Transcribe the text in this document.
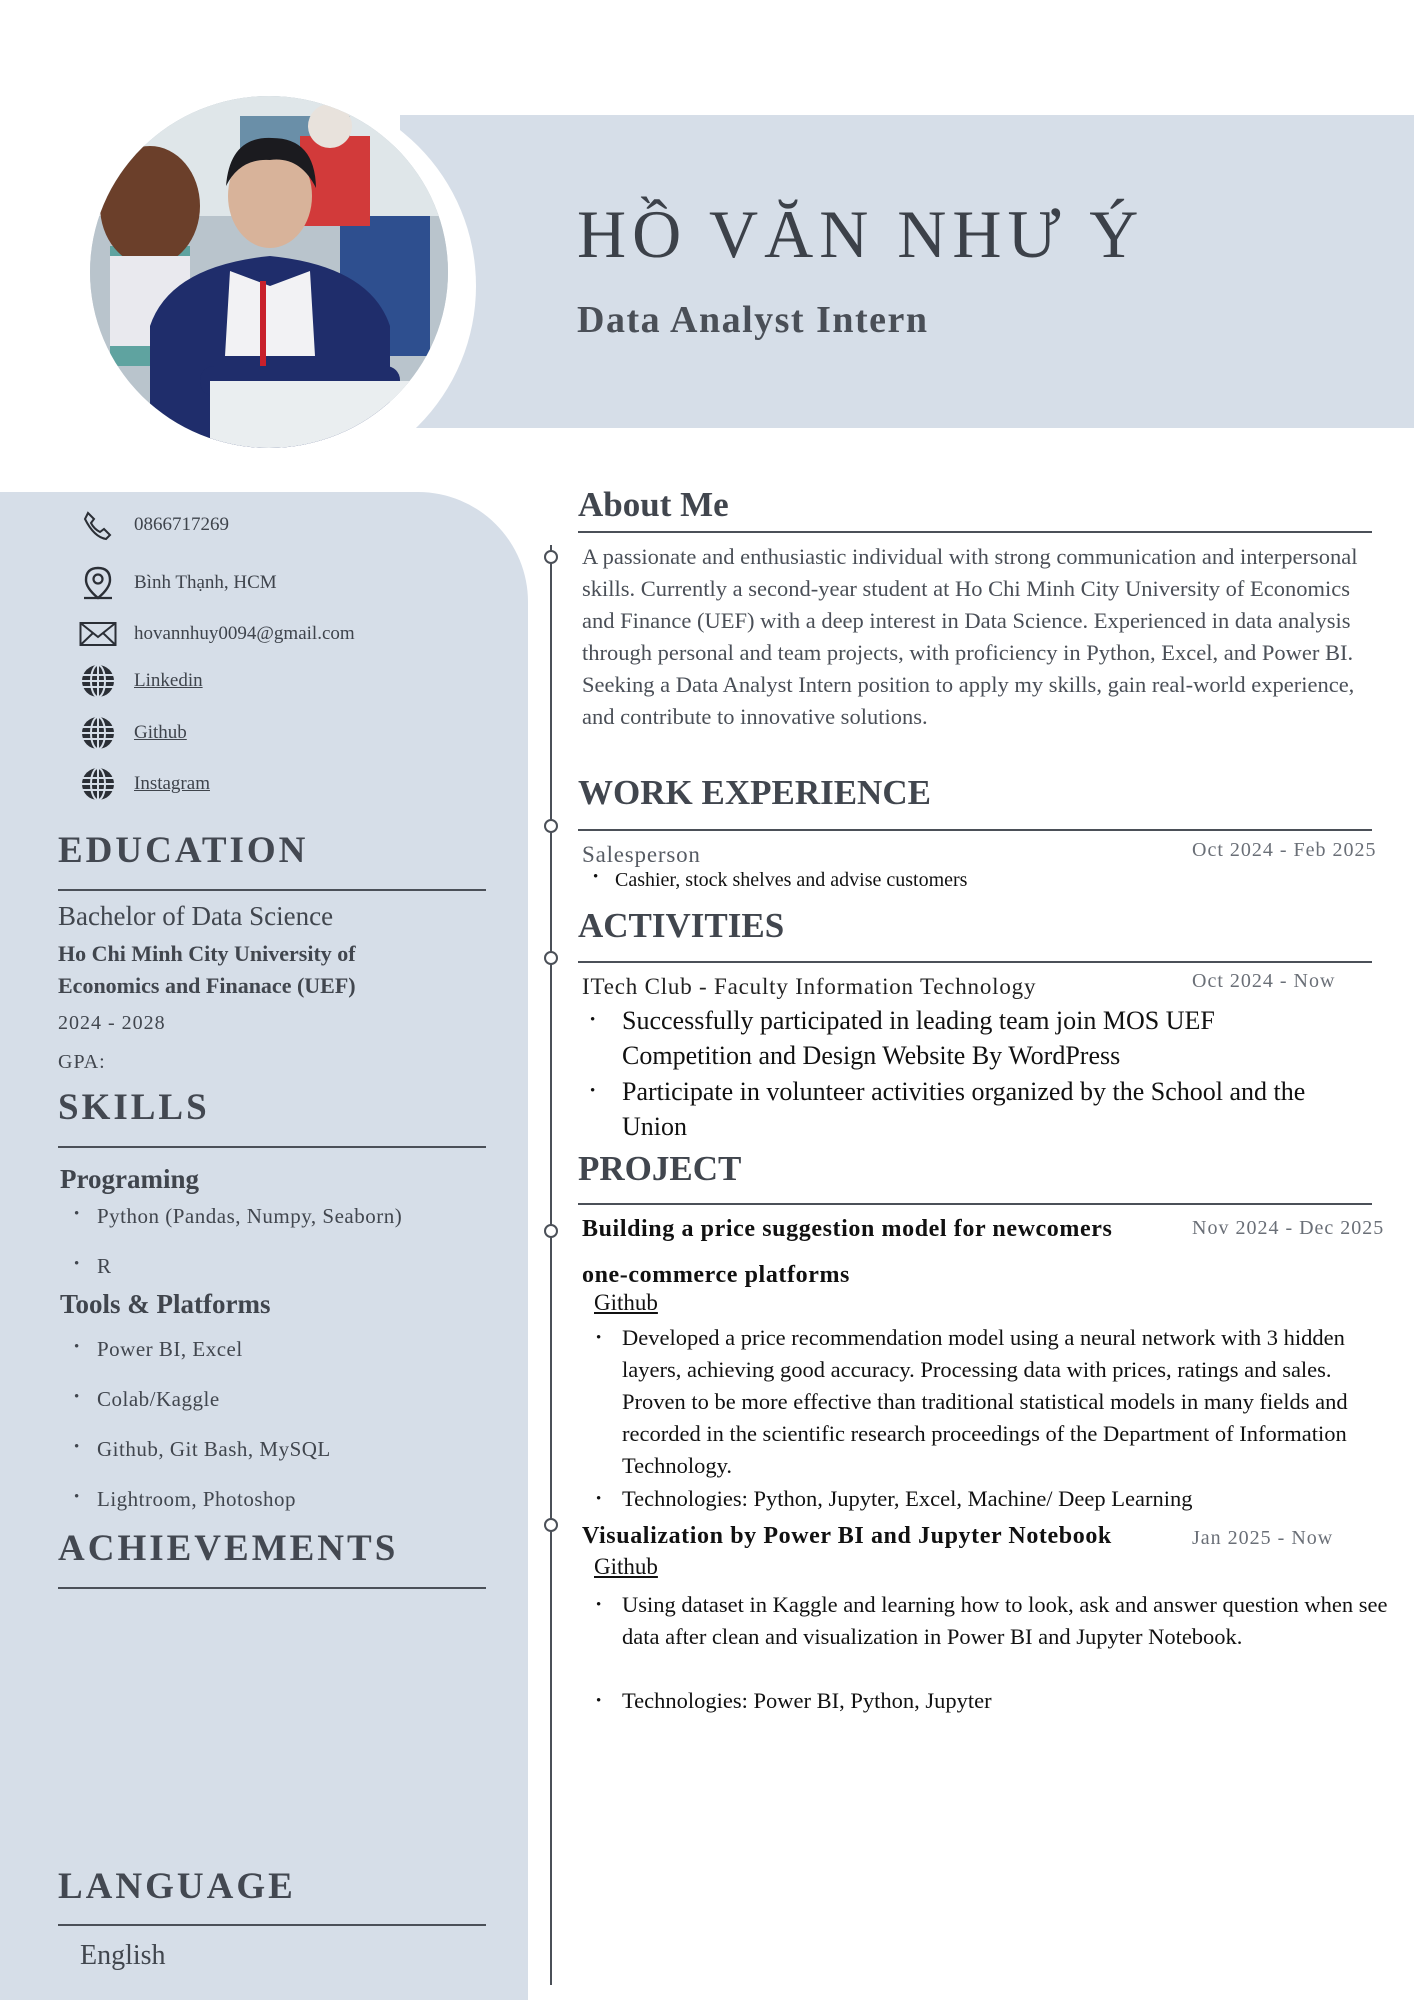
HỒ VĂN NHƯ Ý
Data Analyst Intern
0866717269
Bình Thạnh, HCM
hovannhuy0094@gmail.com
Linkedin
Github
Instagram
EDUCATION
Bachelor of Data Science
Ho Chi Minh City University of
Economics and Finanace (UEF)
2024 - 2028
GPA:
SKILLS
Programing
• Python (Pandas, Numpy, Seaborn)
• R
Tools & Platforms
• Power BI, Excel
• Colab/Kaggle
• Github, Git Bash, MySQL
• Lightroom, Photoshop
ACHIEVEMENTS
LANGUAGE
English
About Me
A passionate and enthusiastic individual with strong communication and interpersonal skills. Currently a second-year student at Ho Chi Minh City University of Economics and Finance (UEF) with a deep interest in Data Science. Experienced in data analysis through personal and team projects, with proficiency in Python, Excel, and Power BI. Seeking a Data Analyst Intern position to apply my skills, gain real-world experience, and contribute to innovative solutions.
WORK EXPERIENCE
Salesperson	Oct 2024 - Feb 2025
• Cashier, stock shelves and advise customers
ACTIVITIES
ITech Club - Faculty Information Technology	Oct 2024 - Now
• Successfully participated in leading team join MOS UEF
Competition and Design Website By WordPress
• Participate in volunteer activities organized by the School and the
Union
PROJECT
Building a price suggestion model for newcomers	Nov 2024 - Dec 2025
one-commerce platforms
Github
• Developed a price recommendation model using a neural network with 3 hidden layers, achieving good accuracy. Processing data with prices, ratings and sales. Proven to be more effective than traditional statistical models in many fields and recorded in the scientific research proceedings of the Department of Information Technology.
• Technologies: Python, Jupyter, Excel, Machine/ Deep Learning
Visualization by Power BI and Jupyter Notebook	Jan 2025 - Now
Github
• Using dataset in Kaggle and learning how to look, ask and answer question when see data after clean and visualization in Power BI and Jupyter Notebook.
• Technologies: Power BI, Python, Jupyter
